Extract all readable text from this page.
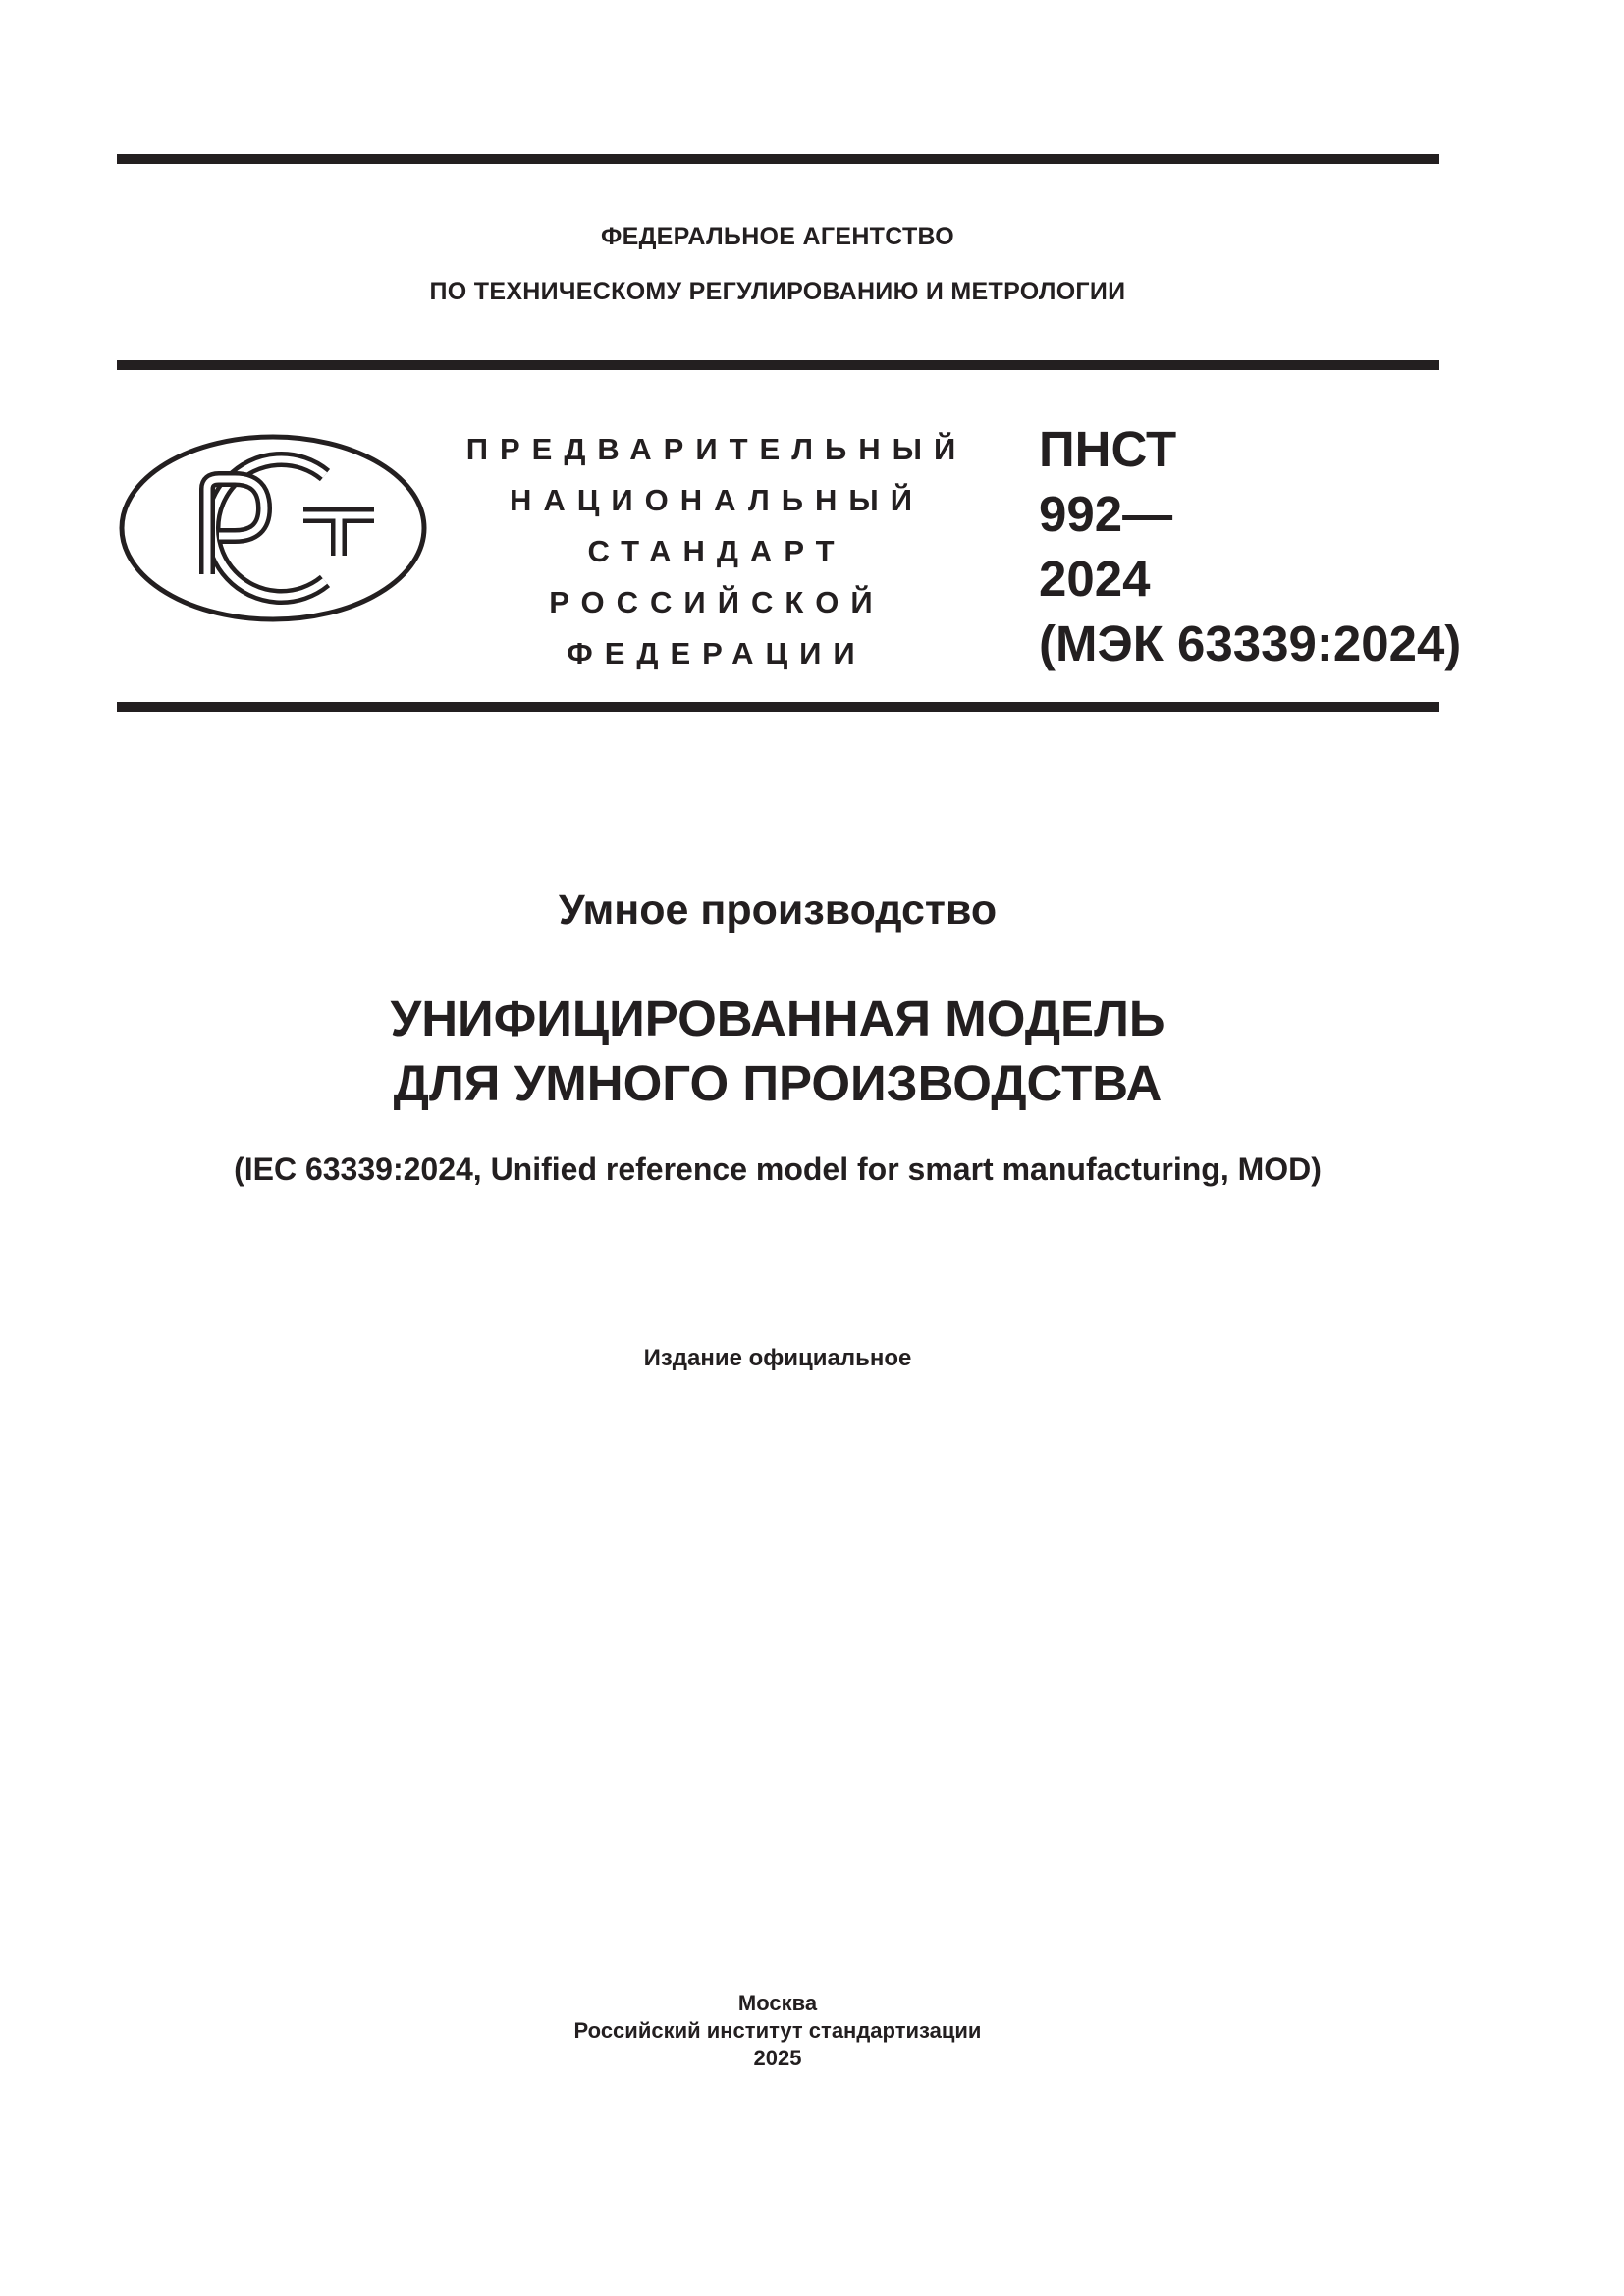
ФЕДЕРАЛЬНОЕ АГЕНТСТВО
ПО ТЕХНИЧЕСКОМУ РЕГУЛИРОВАНИЮ И МЕТРОЛОГИИ
ПРЕДВАРИТЕЛЬНЫЙ
НАЦИОНАЛЬНЫЙ
СТАНДАРТ
РОССИЙСКОЙ
ФЕДЕРАЦИИ
ПНСТ
992—
2024
(МЭК 63339:2024)
Умное производство
УНИФИЦИРОВАННАЯ МОДЕЛЬ
ДЛЯ УМНОГО ПРОИЗВОДСТВА
(IEC 63339:2024, Unified reference model for smart manufacturing, MOD)
Издание официальное
Москва
Российский институт стандартизации
2025
